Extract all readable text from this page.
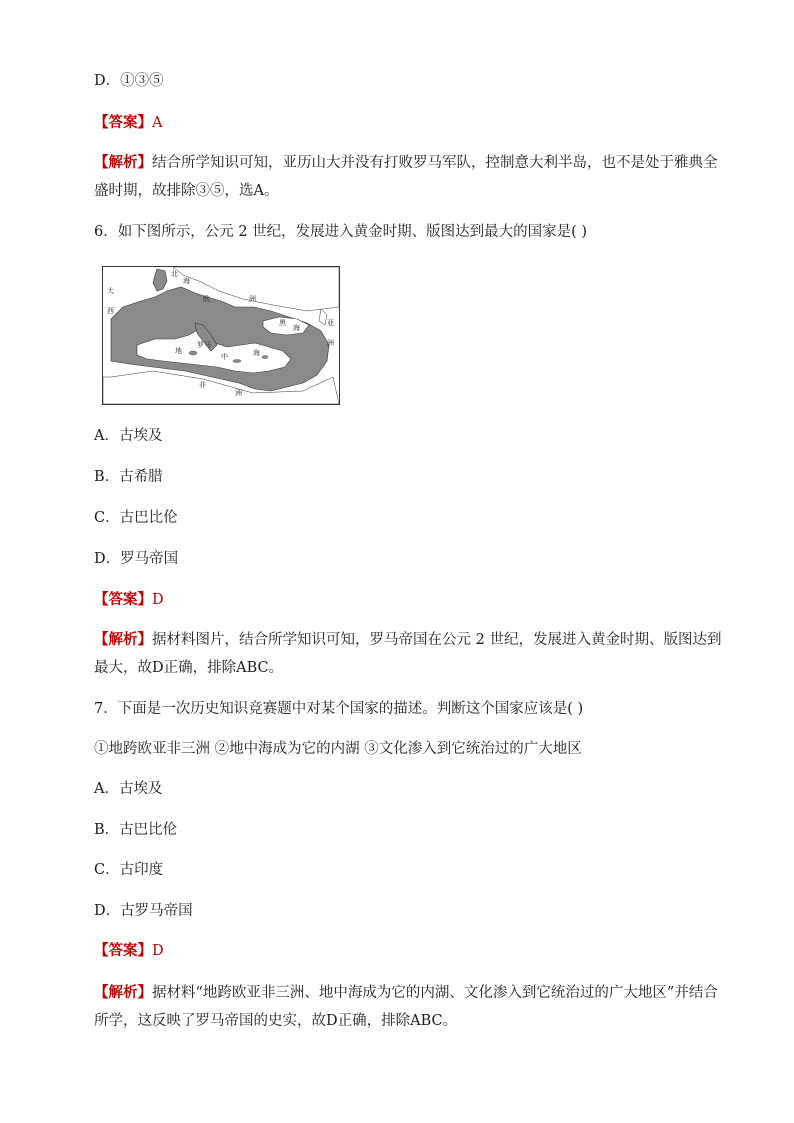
D．①③⑤
【答案】A
【解析】结合所学知识可知，亚历山大并没有打败罗马军队，控制意大利半岛，也不是处于雅典全
盛时期，故排除③⑤，选A。
6．如下图所示，公元 2 世纪，发展进入黄金时期、版图达到最大的国家是( )
北
海
大
西
欧	洲
黑
海
亚
洲
罗马
地
中	海
非
洲
A．古埃及
B．古希腊
C．古巴比伦
D．罗马帝国
【答案】D
【解析】据材料图片，结合所学知识可知，罗马帝国在公元 2 世纪，发展进入黄金时期、版图达到
最大，故D正确，排除ABC。
7．下面是一次历史知识竞赛题中对某个国家的描述。判断这个国家应该是( )
①地跨欧亚非三洲 ②地中海成为它的内湖 ③文化渗入到它统治过的广大地区
A．古埃及
B．古巴比伦
C．古印度
D．古罗马帝国
【答案】D
【解析】据材料“地跨欧亚非三洲、地中海成为它的内湖、文化渗入到它统治过的广大地区”并结合
所学，这反映了罗马帝国的史实，故D正确，排除ABC。
